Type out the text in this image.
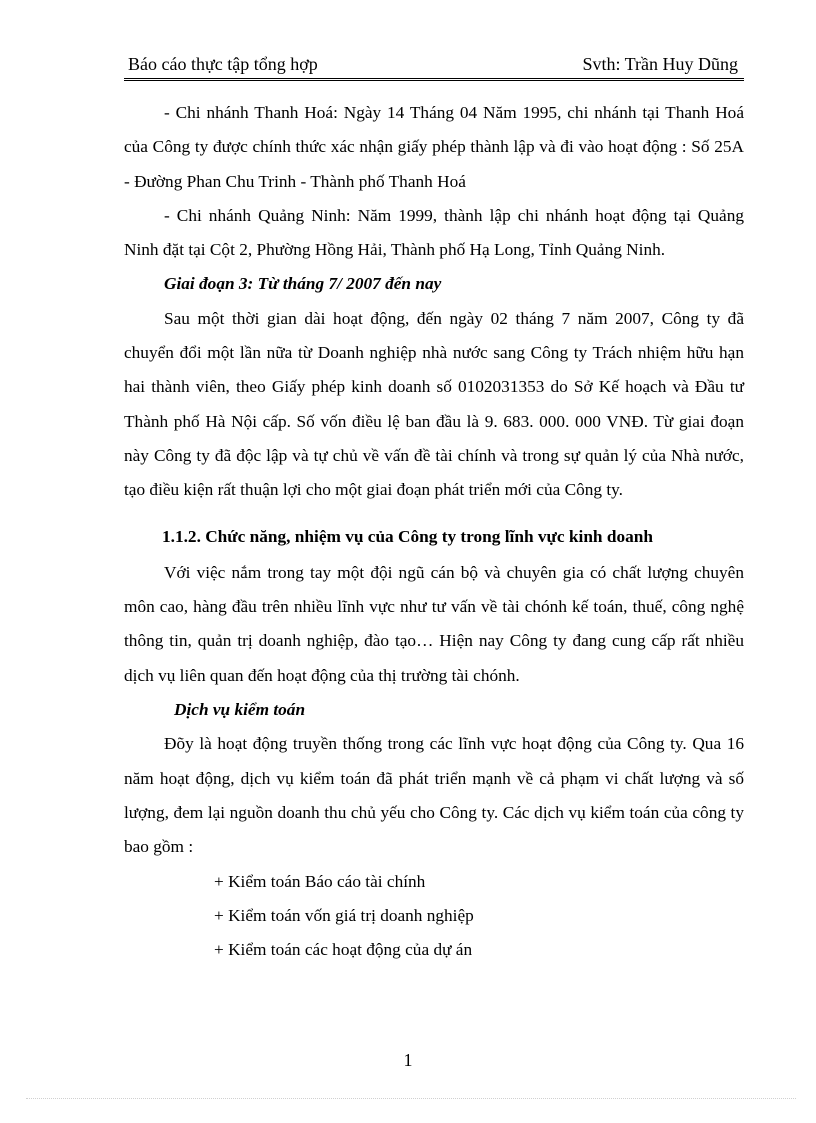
Báo cáo thực tập tổng hợp	Svth: Trần Huy Dũng

- Chi nhánh Thanh Hoá: Ngày 14 Tháng 04 Năm 1995, chi nhánh tại Thanh Hoá của Công ty được chính thức xác nhận giấy phép thành lập và đi vào hoạt động : Số 25A - Đường Phan Chu Trinh - Thành phố Thanh Hoá

- Chi nhánh Quảng Ninh: Năm 1999, thành lập chi nhánh hoạt động tại Quảng Ninh đặt tại Cột 2, Phường Hồng Hải, Thành phố Hạ Long, Tỉnh Quảng Ninh.

Giai đoạn 3: Từ tháng 7/ 2007 đến nay

Sau một thời gian dài hoạt động, đến ngày 02 tháng 7 năm 2007, Công ty đã chuyển đổi một lần nữa từ Doanh nghiệp nhà nước sang Công ty Trách nhiệm hữu hạn hai thành viên, theo Giấy phép kinh doanh số 0102031353 do Sở Kế hoạch và Đầu tư Thành phố Hà Nội cấp. Số vốn điều lệ ban đầu là 9. 683. 000. 000 VNĐ. Từ giai đoạn này Công ty đã độc lập và tự chủ về vấn đề tài chính và trong sự quản lý của Nhà nước, tạo điều kiện rất thuận lợi cho một giai đoạn phát triển mới của Công ty.

1.1.2. Chức năng, nhiệm vụ của Công ty trong lĩnh vực kinh doanh

Với việc nắm trong tay một đội ngũ cán bộ và chuyên gia có chất lượng chuyên môn cao, hàng đầu trên nhiều lĩnh vực như tư vấn về tài chónh kế toán, thuế, công nghệ thông tin, quản trị doanh nghiệp, đào tạo… Hiện nay Công ty đang cung cấp rất nhiều dịch vụ liên quan đến hoạt động của thị trường tài chónh.

Dịch vụ kiểm toán

Đõy là hoạt động truyền thống trong các lĩnh vực hoạt động của Công ty. Qua 16 năm hoạt động, dịch vụ kiểm toán đã phát triển mạnh về cả phạm vi chất lượng và số lượng, đem lại nguồn doanh thu chủ yếu cho Công ty. Các dịch vụ kiểm toán của công ty bao gồm :

+ Kiểm toán Báo cáo tài chính
+ Kiểm toán vốn giá trị doanh nghiệp
+ Kiểm toán các hoạt động của dự án
1
